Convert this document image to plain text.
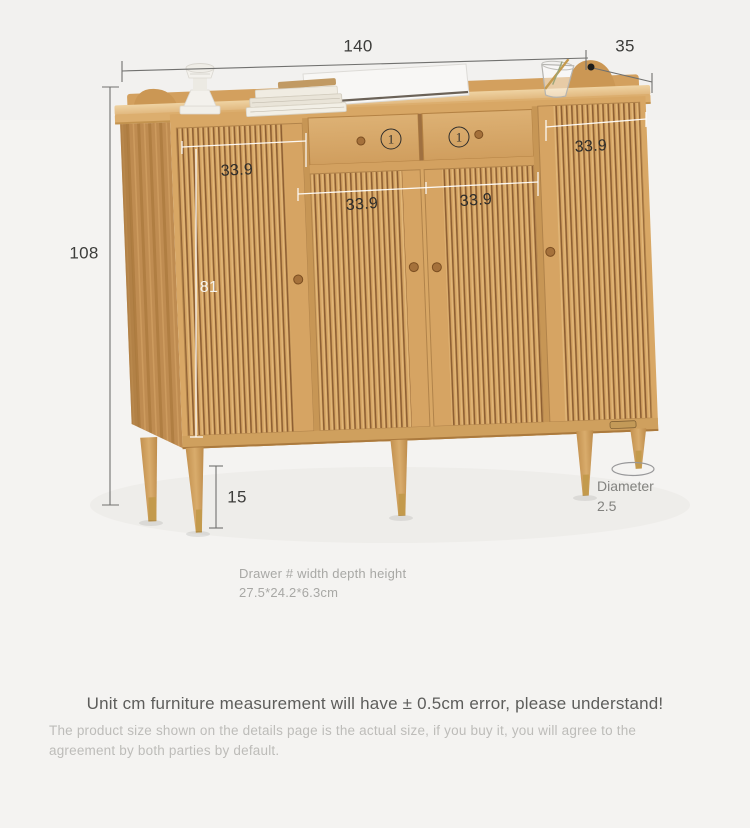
140	35
108
15
33.9
33.9	33.9
33.9
81
1	1
Diameter
2.5
Drawer # width depth height
27.5*24.2*6.3cm
Unit cm furniture measurement will have ± 0.5cm error, please understand!
The product size shown on the details page is the actual size, if you buy it, you will agree to the agreement by both parties by default.
